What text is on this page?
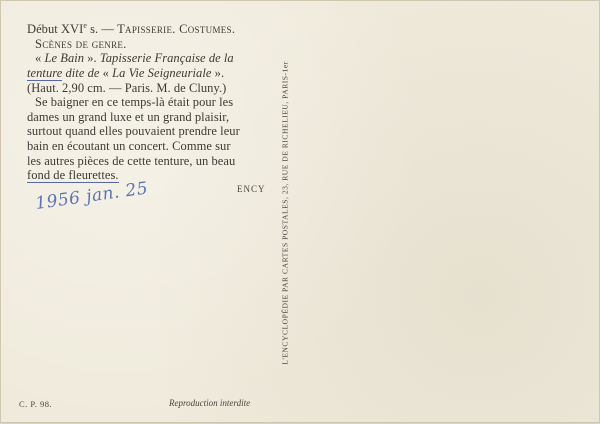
Début XVIe s. — Tapisserie. Costumes.
Scènes de genre.
« Le Bain ». Tapisserie Française de la
tenture dite de « La Vie Seigneuriale ».
(Haut. 2,90 cm. — Paris. M. de Cluny.)
Se baigner en ce temps-là était pour les
dames un grand luxe et un grand plaisir,
surtout quand elles pouvaient prendre leur
bain en écoutant un concert. Comme sur
les autres pièces de cette tenture, un beau
fond de fleurettes.
ENCY
1956 jan. 25
C. P. 98.	Reproduction interdite
L'ENCYCLOPÉDIE PAR CARTES POSTALES, 23, RUE DE RICHELIEU, PARIS-1er
